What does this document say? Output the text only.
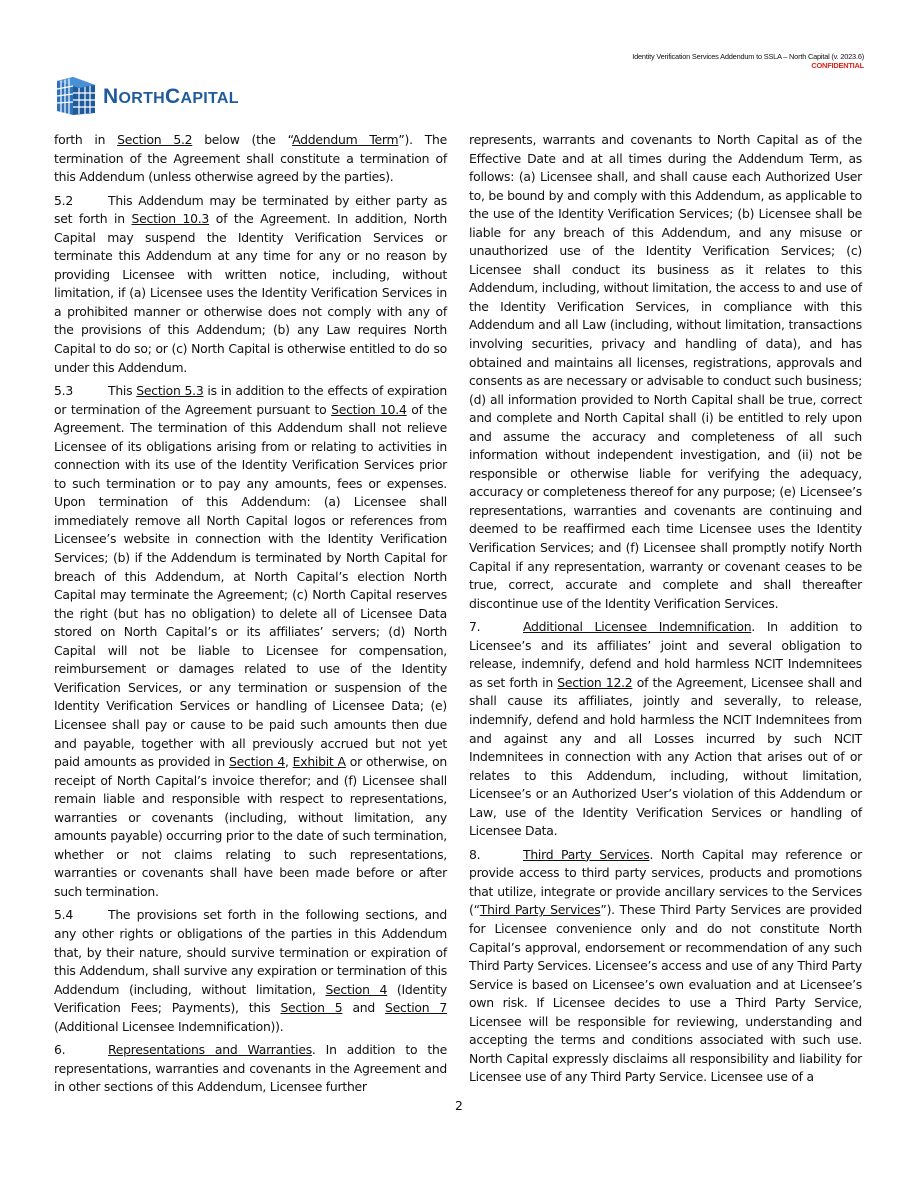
Identity Verification Services Addendum to SSLA – North Capital (v. 2023.6)
CONFIDENTIAL
NORTHCAPITAL

forth in Section 5.2 below (the “Addendum Term”). The termination of the Agreement shall constitute a termination of this Addendum (unless otherwise agreed by the parties).

5.2	This Addendum may be terminated by either party as set forth in Section 10.3 of the Agreement. In addition, North Capital may suspend the Identity Verification Services or terminate this Addendum at any time for any or no reason by providing Licensee with written notice, including, without limitation, if (a) Licensee uses the Identity Verification Services in a prohibited manner or otherwise does not comply with any of the provisions of this Addendum; (b) any Law requires North Capital to do so; or (c) North Capital is otherwise entitled to do so under this Addendum.

5.3	This Section 5.3 is in addition to the effects of expiration or termination of the Agreement pursuant to Section 10.4 of the Agreement. The termination of this Addendum shall not relieve Licensee of its obligations arising from or relating to activities in connection with its use of the Identity Verification Services prior to such termination or to pay any amounts, fees or expenses. Upon termination of this Addendum: (a) Licensee shall immediately remove all North Capital logos or references from Licensee’s website in connection with the Identity Verification Services; (b) if the Addendum is terminated by North Capital for breach of this Addendum, at North Capital’s election North Capital may terminate the Agreement; (c) North Capital reserves the right (but has no obligation) to delete all of Licensee Data stored on North Capital’s or its affiliates’ servers; (d) North Capital will not be liable to Licensee for compensation, reimbursement or damages related to use of the Identity Verification Services, or any termination or suspension of the Identity Verification Services or handling of Licensee Data; (e) Licensee shall pay or cause to be paid such amounts then due and payable, together with all previously accrued but not yet paid amounts as provided in Section 4, Exhibit A or otherwise, on receipt of North Capital’s invoice therefor; and (f) Licensee shall remain liable and responsible with respect to representations, warranties or covenants (including, without limitation, any amounts payable) occurring prior to the date of such termination, whether or not claims relating to such representations, warranties or covenants shall have been made before or after such termination.

5.4	The provisions set forth in the following sections, and any other rights or obligations of the parties in this Addendum that, by their nature, should survive termination or expiration of this Addendum, shall survive any expiration or termination of this Addendum (including, without limitation, Section 4 (Identity Verification Fees; Payments), this Section 5 and Section 7 (Additional Licensee Indemnification)).

6.	Representations and Warranties. In addition to the representations, warranties and covenants in the Agreement and in other sections of this Addendum, Licensee further

represents, warrants and covenants to North Capital as of the Effective Date and at all times during the Addendum Term, as follows: (a) Licensee shall, and shall cause each Authorized User to, be bound by and comply with this Addendum, as applicable to the use of the Identity Verification Services; (b) Licensee shall be liable for any breach of this Addendum, and any misuse or unauthorized use of the Identity Verification Services; (c) Licensee shall conduct its business as it relates to this Addendum, including, without limitation, the access to and use of the Identity Verification Services, in compliance with this Addendum and all Law (including, without limitation, transactions involving securities, privacy and handling of data), and has obtained and maintains all licenses, registrations, approvals and consents as are necessary or advisable to conduct such business; (d) all information provided to North Capital shall be true, correct and complete and North Capital shall (i) be entitled to rely upon and assume the accuracy and completeness of all such information without independent investigation, and (ii) not be responsible or otherwise liable for verifying the adequacy, accuracy or completeness thereof for any purpose; (e) Licensee’s representations, warranties and covenants are continuing and deemed to be reaffirmed each time Licensee uses the Identity Verification Services; and (f) Licensee shall promptly notify North Capital if any representation, warranty or covenant ceases to be true, correct, accurate and complete and shall thereafter discontinue use of the Identity Verification Services.

7.	Additional Licensee Indemnification. In addition to Licensee’s and its affiliates’ joint and several obligation to release, indemnify, defend and hold harmless NCIT Indemnitees as set forth in Section 12.2 of the Agreement, Licensee shall and shall cause its affiliates, jointly and severally, to release, indemnify, defend and hold harmless the NCIT Indemnitees from and against any and all Losses incurred by such NCIT Indemnitees in connection with any Action that arises out of or relates to this Addendum, including, without limitation, Licensee’s or an Authorized User’s violation of this Addendum or Law, use of the Identity Verification Services or handling of Licensee Data.

8.	Third Party Services. North Capital may reference or provide access to third party services, products and promotions that utilize, integrate or provide ancillary services to the Services (“Third Party Services”). These Third Party Services are provided for Licensee convenience only and do not constitute North Capital’s approval, endorsement or recommendation of any such Third Party Services. Licensee’s access and use of any Third Party Service is based on Licensee’s own evaluation and at Licensee’s own risk. If Licensee decides to use a Third Party Service, Licensee will be responsible for reviewing, understanding and accepting the terms and conditions associated with such use. North Capital expressly disclaims all responsibility and liability for Licensee use of any Third Party Service. Licensee use of a

2
